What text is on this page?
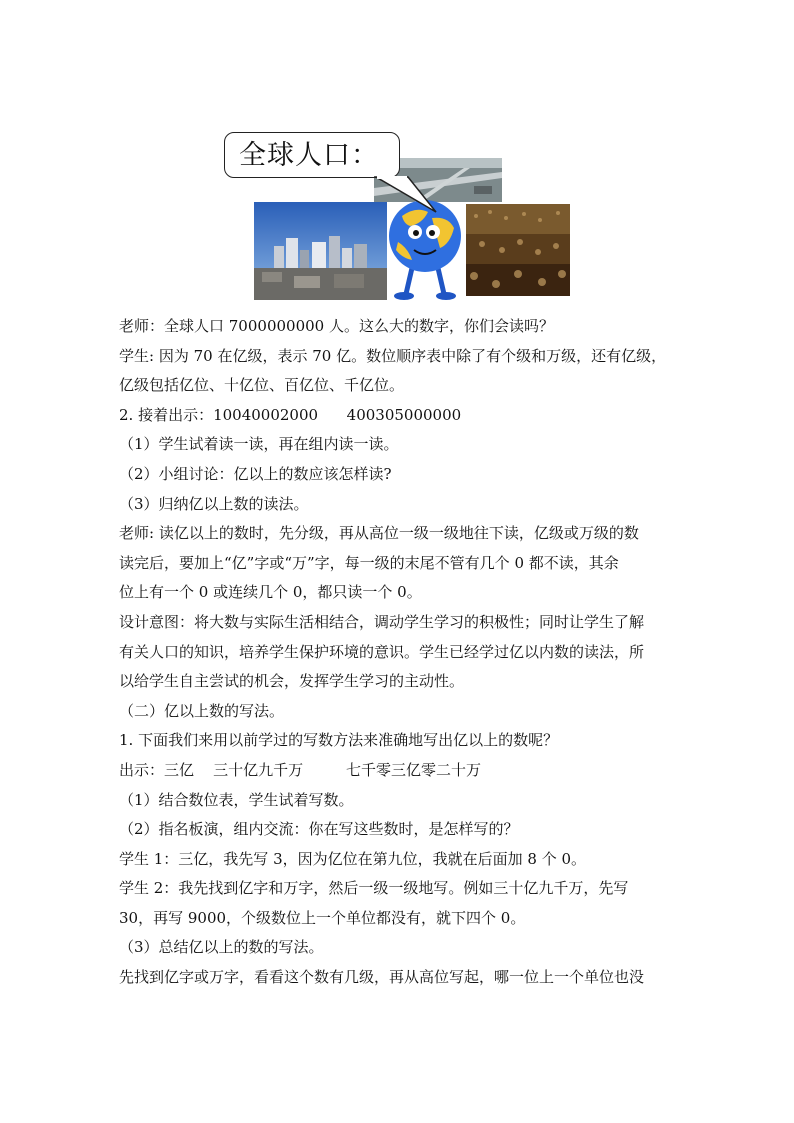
全球人口：

老师：全球人口 7000000000 人。这么大的数字，你们会读吗？

学生: 因为 70 在亿级，表示 70 亿。数位顺序表中除了有个级和万级，还有亿级，

亿级包括亿位、十亿位、百亿位、千亿位。

2. 接着出示：10040002000      400305000000

（1）学生试着读一读，再在组内读一读。

（2）小组讨论：亿以上的数应该怎样读?

（3）归纳亿以上数的读法。

老师: 读亿以上的数时，先分级，再从高位一级一级地往下读，亿级或万级的数

读完后，要加上“亿”字或“万”字，每一级的末尾不管有几个 0 都不读，其余

位上有一个 0 或连续几个 0，都只读一个 0。

设计意图：将大数与实际生活相结合，调动学生学习的积极性；同时让学生了解

有关人口的知识，培养学生保护环境的意识。学生已经学过亿以内数的读法，所

以给学生自主尝试的机会，发挥学生学习的主动性。

（二）亿以上数的写法。

1. 下面我们来用以前学过的写数方法来准确地写出亿以上的数呢？

出示：三亿    三十亿九千万         七千零三亿零二十万

（1）结合数位表，学生试着写数。

（2）指名板演，组内交流：你在写这些数时，是怎样写的？

学生 1：三亿，我先写 3，因为亿位在第九位，我就在后面加 8 个 0。

学生 2：我先找到亿字和万字，然后一级一级地写。例如三十亿九千万，先写

30，再写 9000，个级数位上一个单位都没有，就下四个 0。

（3）总结亿以上的数的写法。

先找到亿字或万字，看看这个数有几级，再从高位写起，哪一位上一个单位也没
